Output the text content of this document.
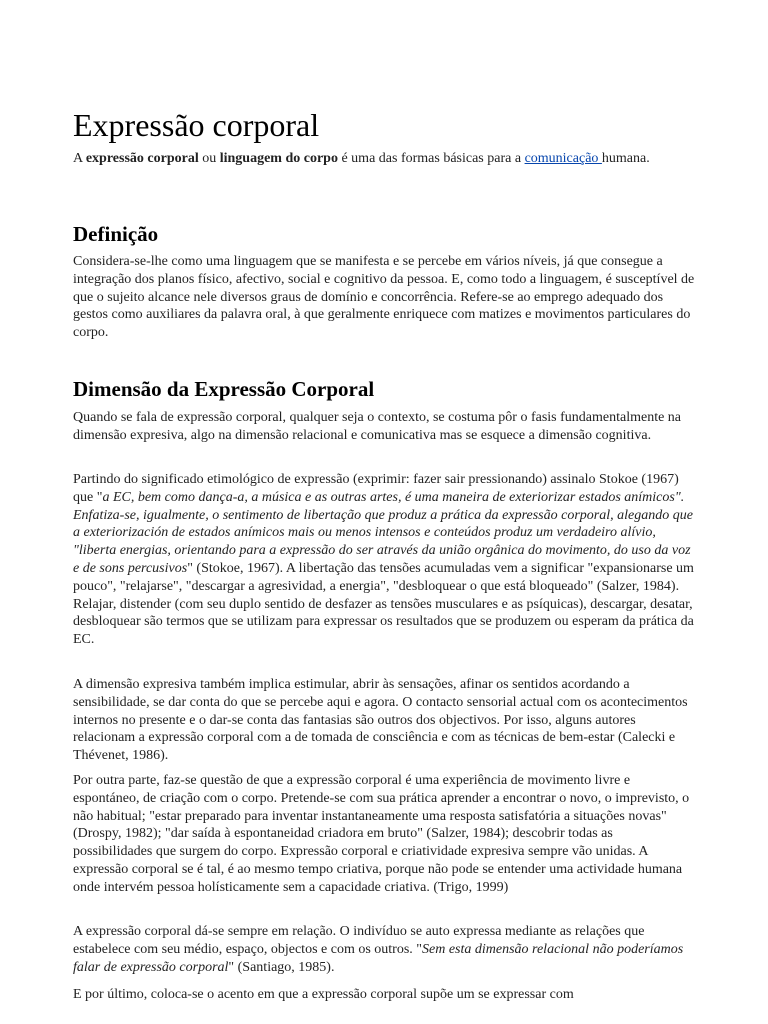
Expressão corporal

A expressão corporal ou linguagem do corpo é uma das formas básicas para a comunicação humana.

Definição

Considera-se-lhe como uma linguagem que se manifesta e se percebe em vários níveis, já que consegue a integração dos planos físico, afectivo, social e cognitivo da pessoa. E, como todo a linguagem, é susceptível de que o sujeito alcance nele diversos graus de domínio e concorrência. Refere-se ao emprego adequado dos gestos como auxiliares da palavra oral, à que geralmente enriquece com matizes e movimentos particulares do corpo.

Dimensão da Expressão Corporal

Quando se fala de expressão corporal, qualquer seja o contexto, se costuma pôr o fasis fundamentalmente na dimensão expresiva, algo na dimensão relacional e comunicativa mas se esquece a dimensão cognitiva.

Partindo do significado etimológico de expressão (exprimir: fazer sair pressionando) assinalo Stokoe (1967) que "a EC, bem como dança-a, a música e as outras artes, é uma maneira de exteriorizar estados anímicos". Enfatiza-se, igualmente, o sentimento de libertação que produz a prática da expressão corporal, alegando que a exteriorización de estados anímicos mais ou menos intensos e conteúdos produz um verdadeiro alívio, "liberta energias, orientando para a expressão do ser através da união orgânica do movimento, do uso da voz e de sons percusivos" (Stokoe, 1967). A libertação das tensões acumuladas vem a significar "expansionarse um pouco", "relajarse", "descargar a agresividad, a energia", "desbloquear o que está bloqueado" (Salzer, 1984). Relajar, distender (com seu duplo sentido de desfazer as tensões musculares e as psíquicas), descargar, desatar, desbloquear são termos que se utilizam para expressar os resultados que se produzem ou esperam da prática da EC.

A dimensão expresiva também implica estimular, abrir às sensações, afinar os sentidos acordando a sensibilidade, se dar conta do que se percebe aqui e agora. O contacto sensorial actual com os acontecimentos internos no presente e o dar-se conta das fantasias são outros dos objectivos. Por isso, alguns autores relacionam a expressão corporal com a de tomada de consciência e com as técnicas de bem-estar (Calecki e Thévenet, 1986).

Por outra parte, faz-se questão de que a expressão corporal é uma experiência de movimento livre e espontáneo, de criação com o corpo. Pretende-se com sua prática aprender a encontrar o novo, o imprevisto, o não habitual; "estar preparado para inventar instantaneamente uma resposta satisfatória a situações novas" (Drospy, 1982); "dar saída à espontaneidad criadora em bruto" (Salzer, 1984); descobrir todas as possibilidades que surgem do corpo. Expressão corporal e criatividade expresiva sempre vão unidas. A expressão corporal se é tal, é ao mesmo tempo criativa, porque não pode se entender uma actividade humana onde intervém pessoa holísticamente sem a capacidade criativa. (Trigo, 1999)

A expressão corporal dá-se sempre em relação. O indivíduo se auto expressa mediante as relações que estabelece com seu médio, espaço, objectos e com os outros. "Sem esta dimensão relacional não poderíamos falar de expressão corporal" (Santiago, 1985).

E por último, coloca-se o acento em que a expressão corporal supõe um se expressar com
